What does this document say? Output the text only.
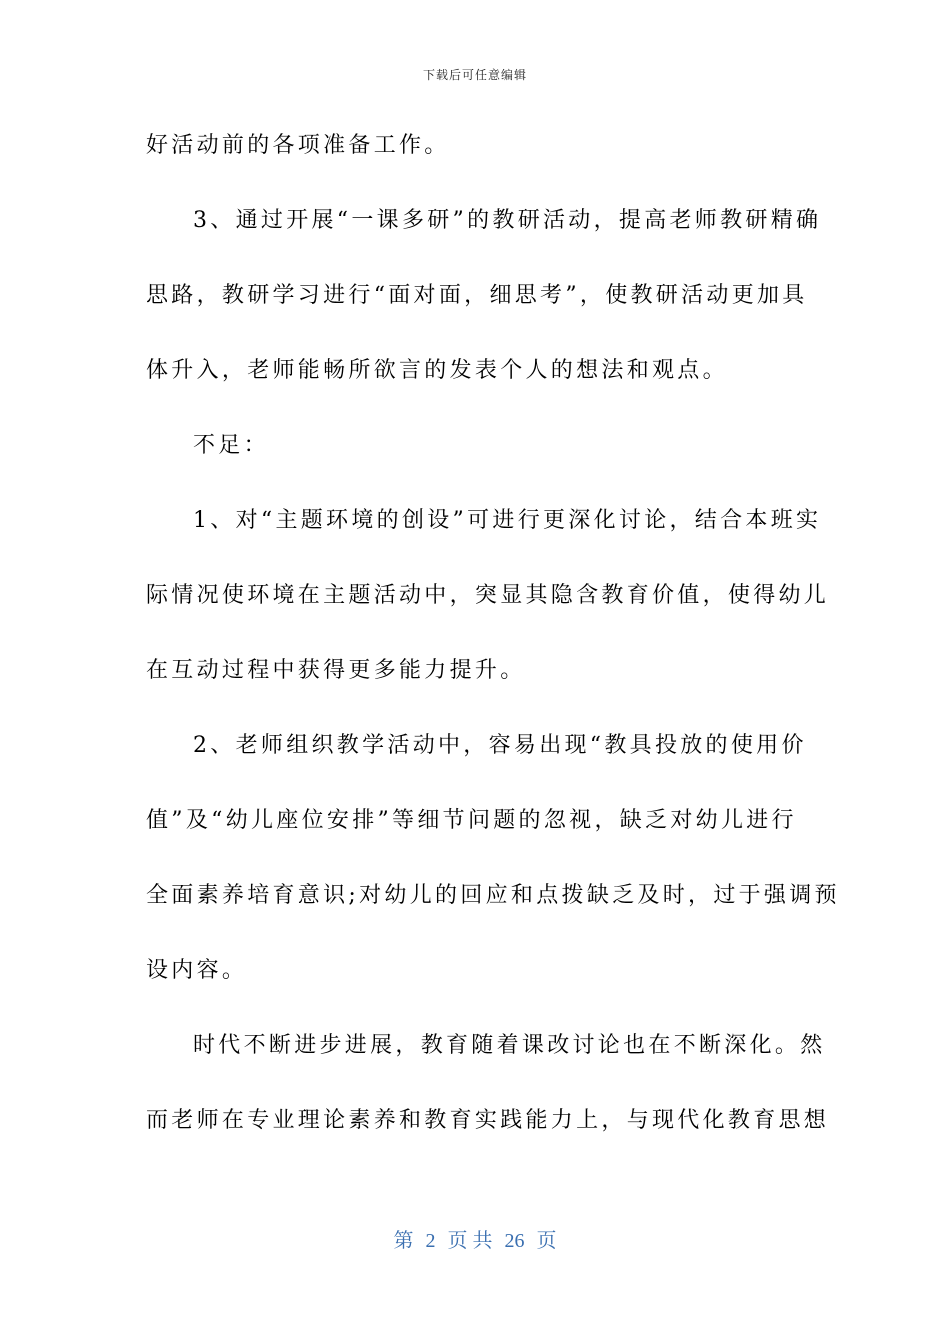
下载后可任意编辑
好活动前的各项准备工作。
3、通过开展“一课多研”的教研活动，提高老师教研精确
思路，教研学习进行“面对面，细思考”，使教研活动更加具
体升入，老师能畅所欲言的发表个人的想法和观点。
不足：
1、对“主题环境的创设”可进行更深化讨论，结合本班实
际情况使环境在主题活动中，突显其隐含教育价值，使得幼儿
在互动过程中获得更多能力提升。
2、老师组织教学活动中，容易出现“教具投放的使用价
值”及“幼儿座位安排”等细节问题的忽视，缺乏对幼儿进行
全面素养培育意识;对幼儿的回应和点拨缺乏及时，过于强调预
设内容。
时代不断进步进展，教育随着课改讨论也在不断深化。然
而老师在专业理论素养和教育实践能力上，与现代化教育思想
第 2 页 共 26 页
